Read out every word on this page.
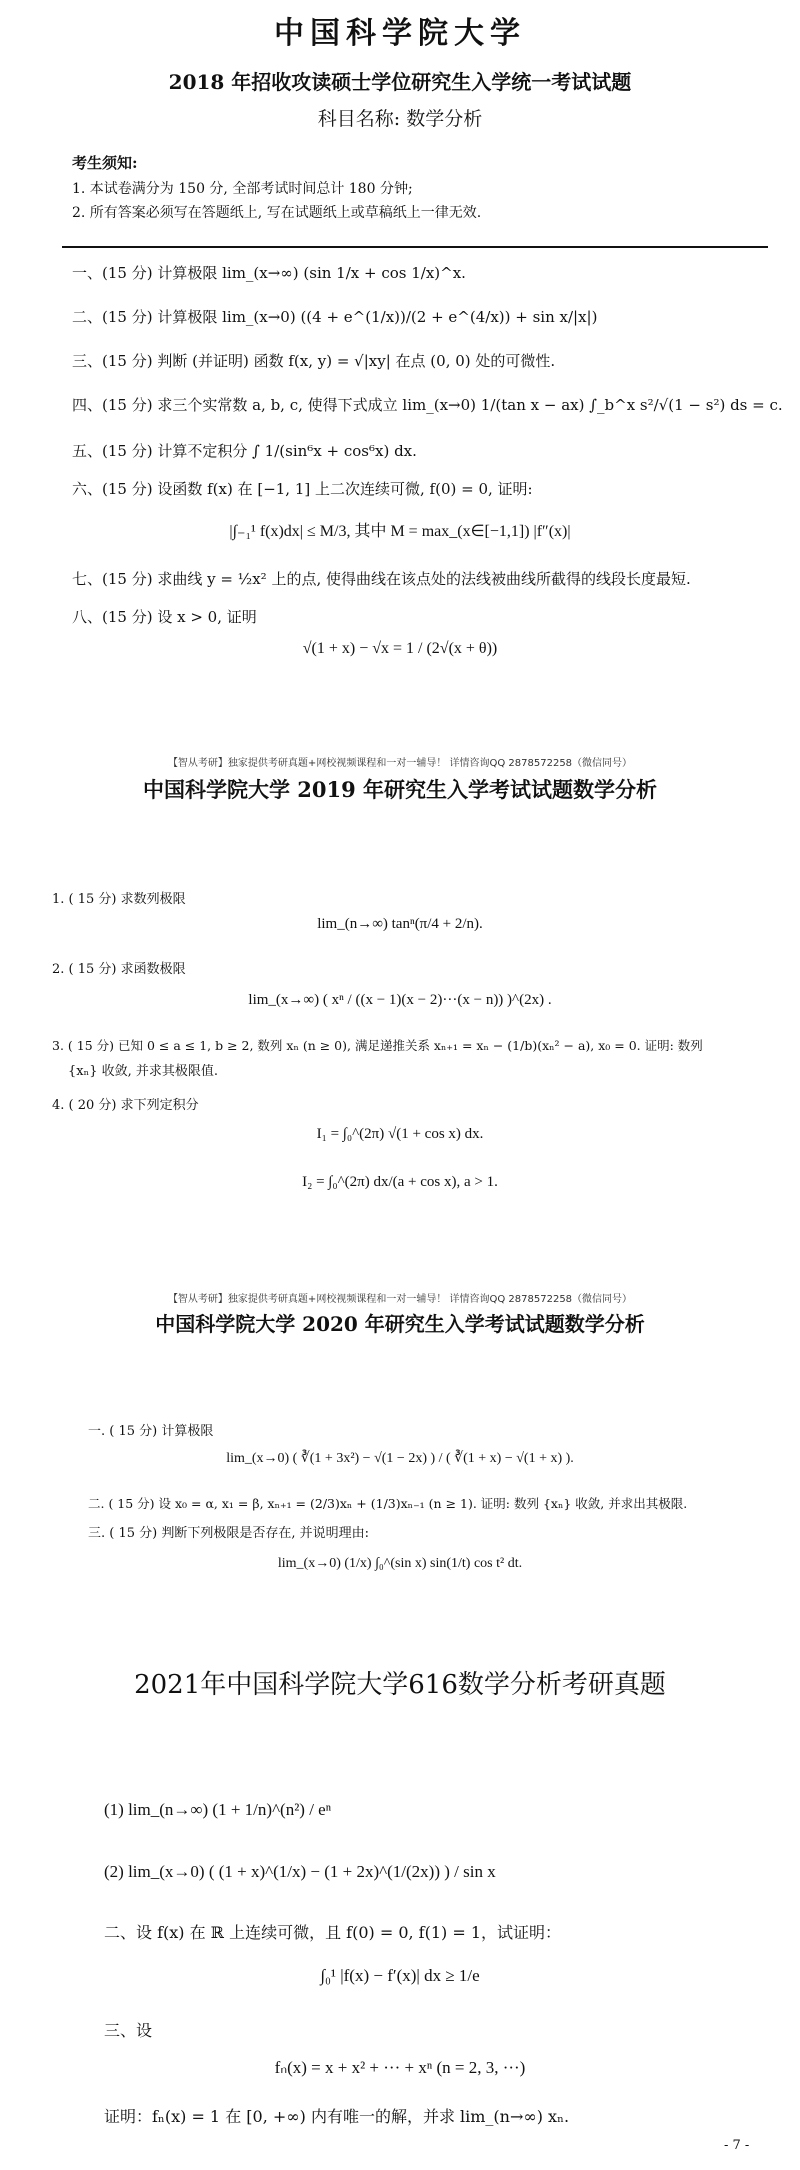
中国科学院大学
2018 年招收攻读硕士学位研究生入学统一考试试题
科目名称: 数学分析
考生须知:
1. 本试卷满分为 150 分, 全部考试时间总计 180 分钟;
2. 所有答案必须写在答题纸上, 写在试题纸上或草稿纸上一律无效.
一、(15 分) 计算极限 lim_(x→∞) (sin 1/x + cos 1/x)^x.
二、(15 分) 计算极限 lim_(x→0) ((4 + e^(1/x))/(2 + e^(4/x)) + sin x/|x|)
三、(15 分) 判断 (并证明) 函数 f(x, y) = √|xy| 在点 (0, 0) 处的可微性.
四、(15 分) 求三个实常数 a, b, c, 使得下式成立 lim_(x→0) 1/(tan x − ax) ∫_b^x s²/√(1 − s²) ds = c.
五、(15 分) 计算不定积分 ∫ 1/(sin⁶x + cos⁶x) dx.
六、(15 分) 设函数 f(x) 在 [−1, 1] 上二次连续可微, f(0) = 0, 证明:
|∫₋₁¹ f(x)dx| ≤ M/3, 其中 M = max_(x∈[−1,1]) |f″(x)|
七、(15 分) 求曲线 y = ½x² 上的点, 使得曲线在该点处的法线被曲线所截得的线段长度最短.
八、(15 分) 设 x > 0, 证明
√(1 + x) − √x = 1 / (2√(x + θ))
【智从考研】独家提供考研真题+网校视频课程和一对一辅导！ 详情咨询QQ 2878572258（微信同号）
中国科学院大学 2019 年研究生入学考试试题数学分析
1. ( 15 分) 求数列极限
lim_(n→∞) tanⁿ(π/4 + 2/n).
2. ( 15 分) 求函数极限
lim_(x→∞) ( xⁿ / ((x − 1)(x − 2)···(x − n)) )^(2x) .
3. ( 15 分) 已知 0 ≤ a ≤ 1, b ≥ 2, 数列 xₙ (n ≥ 0), 满足递推关系 xₙ₊₁ = xₙ − (1/b)(xₙ² − a), x₀ = 0. 证明: 数列
{xₙ} 收敛, 并求其极限值.
4. ( 20 分) 求下列定积分
I₁ = ∫₀^(2π) √(1 + cos x) dx.
I₂ = ∫₀^(2π) dx/(a + cos x), a > 1.
【智从考研】独家提供考研真题+网校视频课程和一对一辅导！ 详情咨询QQ 2878572258（微信同号）
中国科学院大学 2020 年研究生入学考试试题数学分析
一. ( 15 分) 计算极限
lim_(x→0) ( ∛(1 + 3x²) − √(1 − 2x) ) / ( ∛(1 + x) − √(1 + x) ).
二. ( 15 分) 设 x₀ = α, x₁ = β, xₙ₊₁ = (2/3)xₙ + (1/3)xₙ₋₁ (n ≥ 1). 证明: 数列 {xₙ} 收敛, 并求出其极限.
三. ( 15 分) 判断下列极限是否存在, 并说明理由:
lim_(x→0) (1/x) ∫₀^(sin x) sin(1/t) cos t² dt.
2021年中国科学院大学616数学分析考研真题
(1) lim_(n→∞) (1 + 1/n)^(n²) / eⁿ
(2) lim_(x→0) ( (1 + x)^(1/x) − (1 + 2x)^(1/(2x)) ) / sin x
二、设 f(x) 在 ℝ 上连续可微，且 f(0) = 0, f(1) = 1，试证明：
∫₀¹ |f(x) − f′(x)| dx ≥ 1/e
三、设
fₙ(x) = x + x² + ··· + xⁿ (n = 2, 3, ···)
证明：fₙ(x) = 1 在 [0, +∞) 内有唯一的解，并求 lim_(n→∞) xₙ.
- 7 -
